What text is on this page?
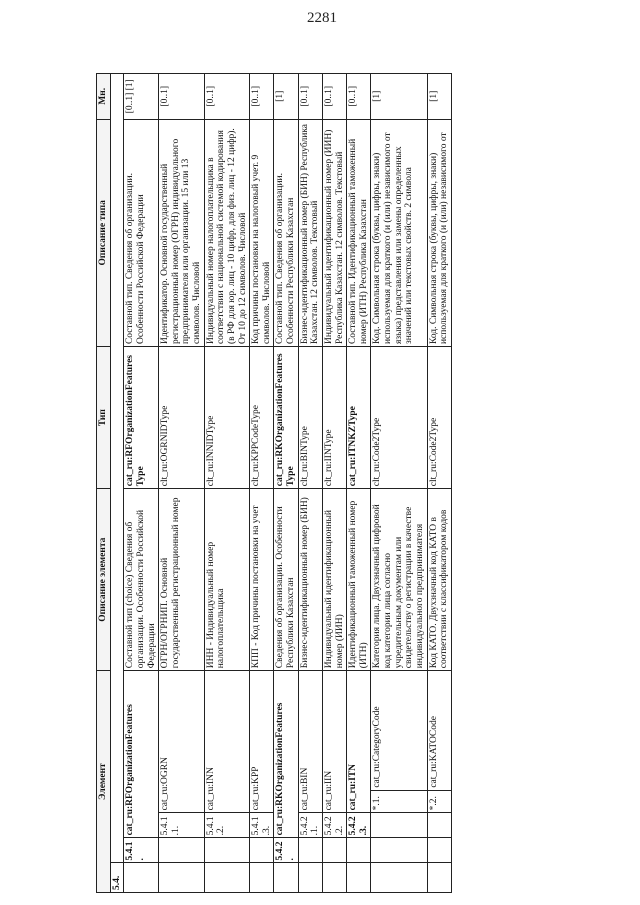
2281
Элемент					Описание элемента	Тип	Описание типа	Мн.
5.4.								
	5.4.1.	cat_ru:RFOrganizationFeatures			Составной тип (choice) Сведения об организации. Особенности Российской Федерации	cat_ru:RFOrganizationFeaturesType	Составной тип. Сведения об организации. Особенности Российской Федерации	[0..1] [1]
		5.4.1.1.	cat_ru:OGRN		ОГРН/ОГРНИП. Основной государственный регистрационный номер	clt_ru:OGRNIDType	Идентификатор. Основной государственный регистрационный номер (ОГРН) индивидуального предпринимателя или организации. 15 или 13 символов. Числовой	[0..1]
		5.4.1.2.	cat_ru:INN		ИНН - Индивидуальный номер налогоплательщика	clt_ru:INNIDType	Индивидуальный номер налогоплательщика в соответствии с национальной системой кодирования (в РФ для юр. лиц - 10 цифр, для физ. лиц - 12 цифр). От 10 до 12 символов. Числовой	[0..1]
		5.4.1.3.	cat_ru:KPP		КПП - Код причины постановки на учет	clt_ru:KPPCodeType	Код причины постановки на налоговый учет. 9 символов. Числовой	[0..1]
	5.4.2.	cat_ru:RKOrganizationFeatures			Сведения об организации. Особенности Республики Казахстан	cat_ru:RKOrganizationFeaturesType	Составной тип. Сведения об организации. Особенности Республики Казахстан	[1]
		5.4.2.1.	cat_ru:BIN		Бизнес-идентификационный номер (БИН)	clt_ru:BINType	Бизнес-идентификационный номер (БИН) Республика Казахстан. 12 символов. Текстовый	[0..1]
		5.4.2.2.	cat_ru:IIN		Индивидуальный идентификационный номер (ИИН)	clt_ru:IINType	Индивидуальный идентификационный номер (ИИН) Республика Казахстан. 12 символов. Текстовый	[0..1]
		5.4.2.3.	cat_ru:ITN		Идентификационный таможенный номер (ИТН)	cat_ru:ITNKZType	Составной тип. Идентификационный таможенный номер (ИТН) Республика Казахстан	[0..1]
			*.1.	cat_ru:CategoryCode	Категория лица. Двухзначный цифровой код категории лица согласно учредительным документам или свидетельству о регистрации в качестве индивидуального предпринимателя	clt_ru:Code2Type	Код. Символьная строка (буквы, цифры, знаки) используемая для краткого (и (или) независимого от языка) представления или замены определенных значений или текстовых свойств. 2 символа	[1]
			*.2.	cat_ru:KATOCode	Код КАТО. Двухзначный код КАТО в соответствии с классификатором кодов	clt_ru:Code2Type	Код. Символьная строка (буквы, цифры, знаки) используемая для краткого (и (или) независимого от	[1]
